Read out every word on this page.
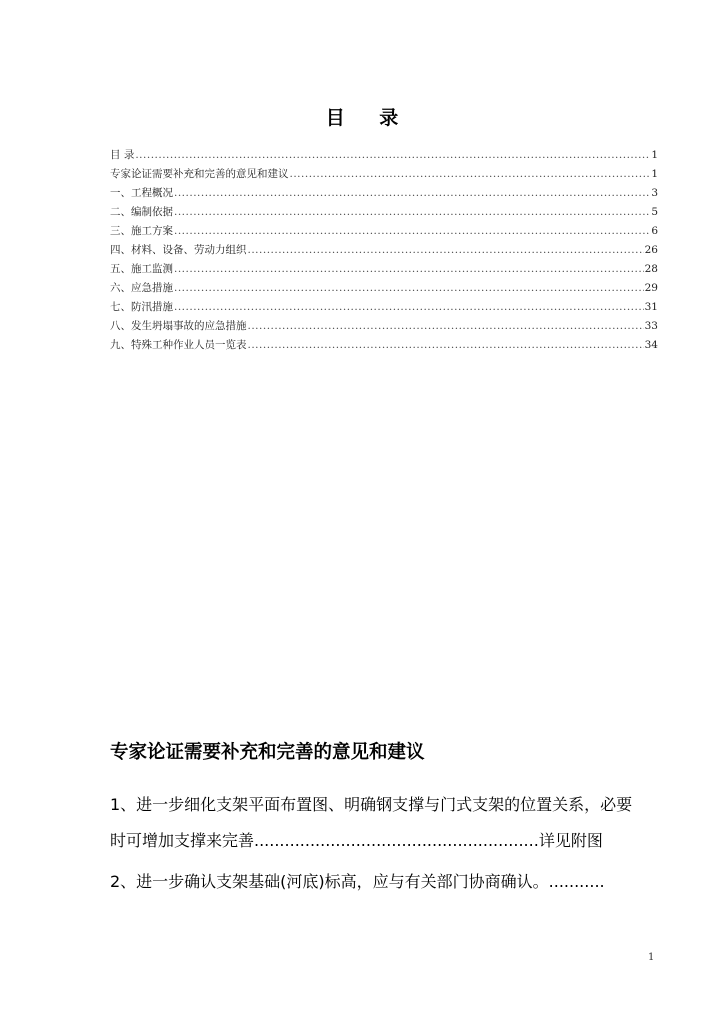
目 录
目 录 .....	1
专家论证需要补充和完善的意见和建议 .....	1
一、工程概况 .....	3
二、编制依据 .....	5
三、施工方案 .....	6
四、材料、设备、劳动力组织 .....	26
五、施工监测 .....	28
六、应急措施 .....	29
七、防汛措施 .....	31
八、发生坍塌事故的应急措施 .....	33
九、特殊工种作业人员一览表 .....	34
专家论证需要补充和完善的意见和建议
1、进一步细化支架平面布置图、明确钢支撑与门式支架的位置关系，必要
时可增加支撑来完善........................................................详见附图
2、进一步确认支架基础(河底)标高，应与有关部门协商确认。...........
1
